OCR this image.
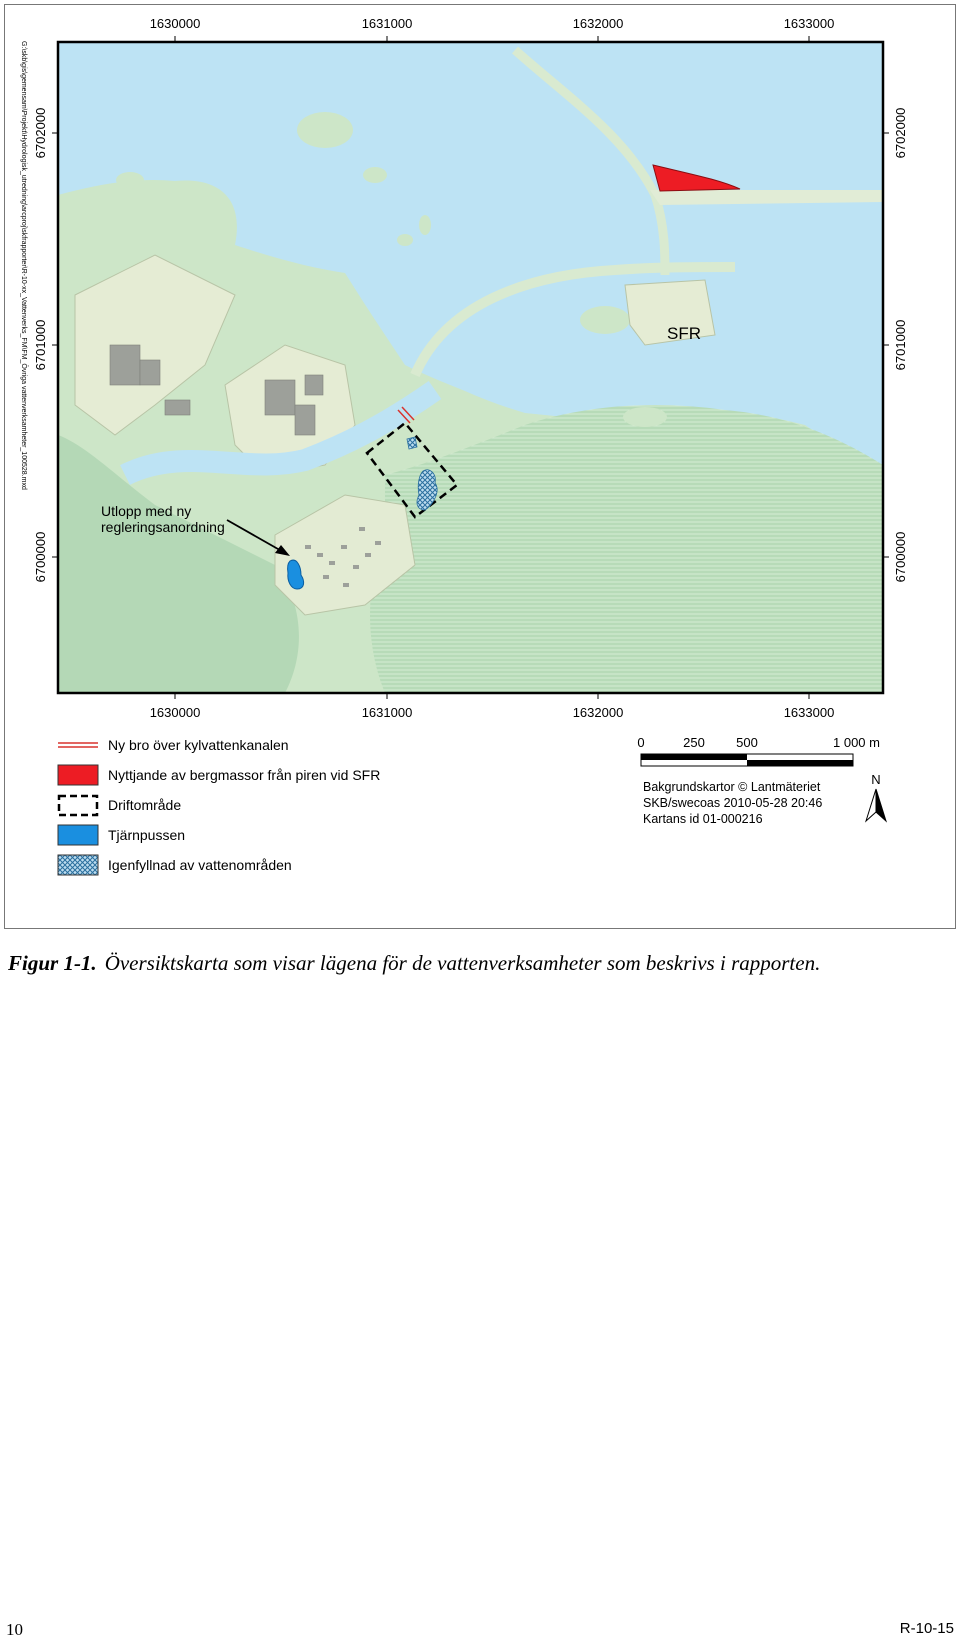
1630000	1631000	1632000	1633000
1630000	1631000	1632000	1633000
6702000
6701000
6700000
6702000
6701000
6700000
G:\skb\gis\gemensam\Projekt\Hydrologisk_utredning\arcproj\skfrapporter\R-10-xx_Vattenverks_FM\FM_Övriga vattenverksamheter_100528.mxd	SFR
Utlopp med ny
regleringsanordning
Ny bro över kylvattenkanalen
Nyttjande av bergmassor från piren vid SFR
Driftområde
Tjärnpussen
Igenfyllnad av vattenområden
0	250 500	1 000 m
Bakgrundskartor © Lantmäteriet
SKB/swecoas 2010-05-28 20:46
Kartans id 01-000216
N
Figur 1-1. Översiktskarta som visar lägena för de vattenverksamheter som beskrivs i rapporten.
10	R-10-15
